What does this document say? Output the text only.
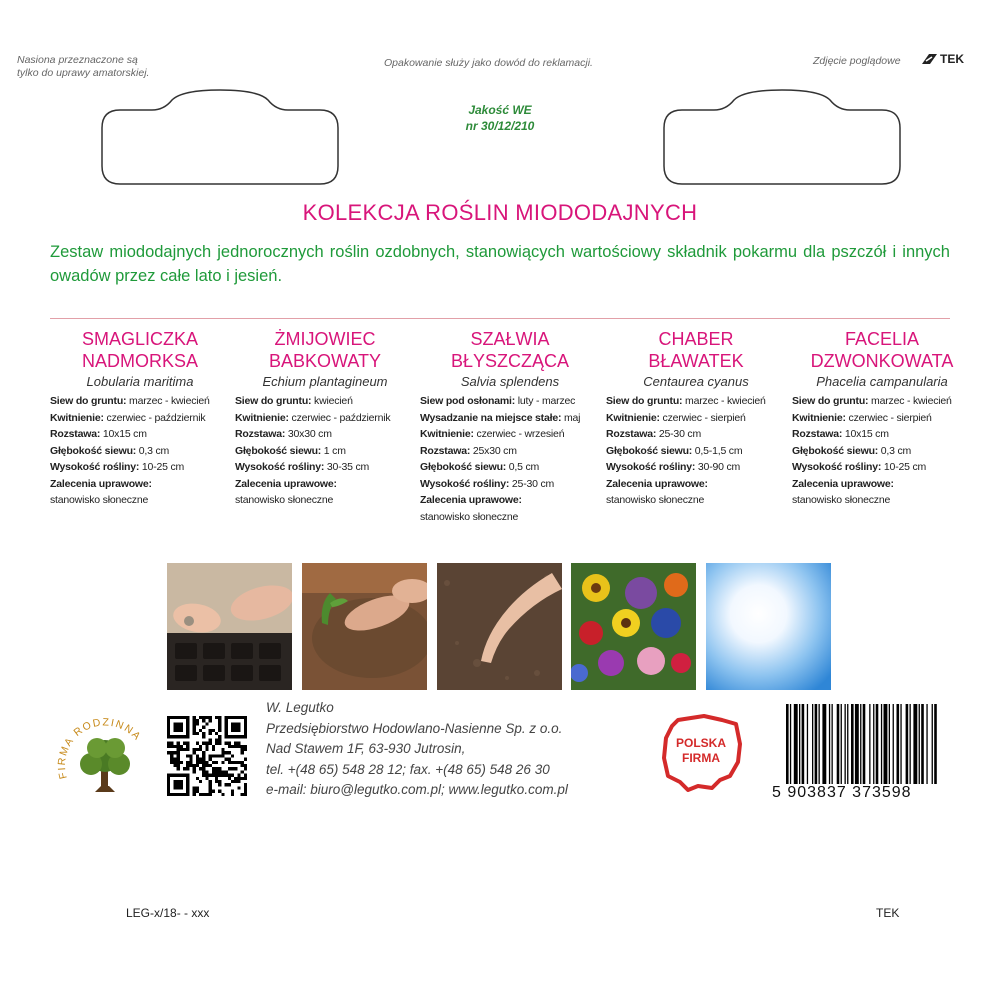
Nasiona przeznaczone są
tylko do uprawy amatorskiej.
Opakowanie służy jako dowód do reklamacji.	Zdjęcie poglądowe	TEK
Jakość WE
nr 30/12/210
KOLEKCJA ROŚLIN MIODODAJNYCH
Zestaw miododajnych jednorocznych roślin ozdobnych, stanowiących wartościowy składnik pokarmu dla pszczół i innych owadów przez całe lato i jesień.
SMAGLICZKA
NADMORKSA
Lobularia maritima
Siew do gruntu: marzec - kwiecień
Kwitnienie: czerwiec - październik
Rozstawa: 10x15 cm
Głębokość siewu: 0,3 cm
Wysokość rośliny: 10-25 cm
Zalecenia uprawowe:
stanowisko słoneczne
ŻMIJOWIEC
BABKOWATY
Echium plantagineum
Siew do gruntu: kwiecień
Kwitnienie: czerwiec - październik
Rozstawa: 30x30 cm
Głębokość siewu: 1 cm
Wysokość rośliny: 30-35 cm
Zalecenia uprawowe:
stanowisko słoneczne
SZAŁWIA
BŁYSZCZĄCA
Salvia splendens
Siew pod osłonami: luty - marzec
Wysadzanie na miejsce stałe: maj
Kwitnienie: czerwiec - wrzesień
Rozstawa: 25x30 cm
Głębokość siewu: 0,5 cm
Wysokość rośliny: 25-30 cm
Zalecenia uprawowe:
stanowisko słoneczne
CHABER
BŁAWATEK
Centaurea cyanus
Siew do gruntu: marzec - kwiecień
Kwitnienie: czerwiec - sierpień
Rozstawa: 25-30 cm
Głębokość siewu: 0,5-1,5 cm
Wysokość rośliny: 30-90 cm
Zalecenia uprawowe:
stanowisko słoneczne
FACELIA
DZWONKOWATA
Phacelia campanularia
Siew do gruntu: marzec - kwiecień
Kwitnienie: czerwiec - sierpień
Rozstawa: 10x15 cm
Głębokość siewu: 0,3 cm
Wysokość rośliny: 10-25 cm
Zalecenia uprawowe:
stanowisko słoneczne
FIRMA RODZINNA
W. Legutko
Przedsiębiorstwo Hodowlano-Nasienne Sp. z o.o.
Nad Stawem 1F, 63-930 Jutrosin,
tel. +(48 65) 548 28 12; fax. +(48 65) 548 26 30
e-mail: biuro@legutko.com.pl; www.legutko.com.pl
POLSKA
FIRMA
5 903837 373598
LEG-x/18- - xxx	TEK
